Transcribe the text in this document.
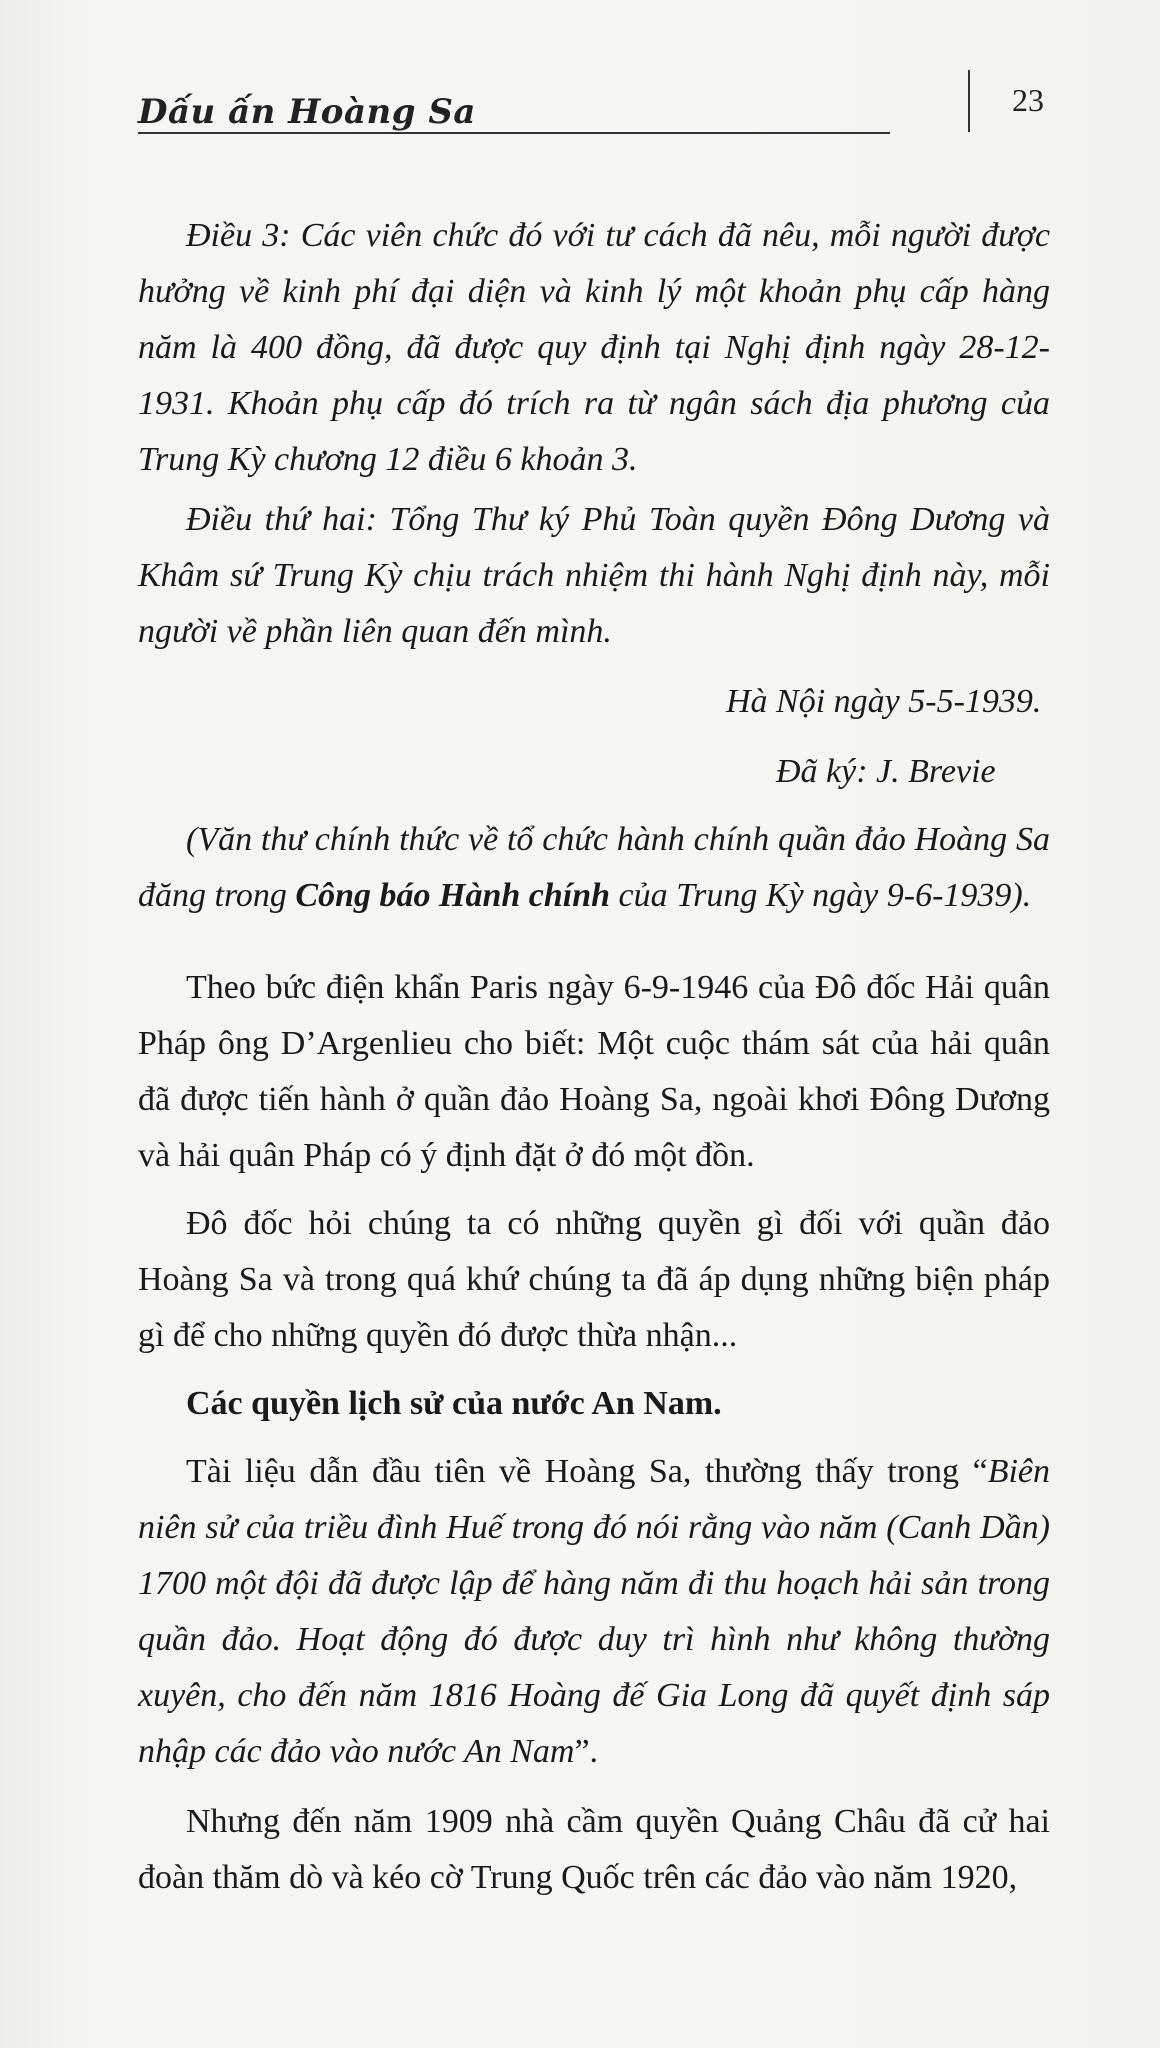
Dấu ấn Hoàng Sa	23

Điều 3: Các viên chức đó với tư cách đã nêu, mỗi người được hưởng về kinh phí đại diện và kinh lý một khoản phụ cấp hàng năm là 400 đồng, đã được quy định tại Nghị định ngày 28-12-1931. Khoản phụ cấp đó trích ra từ ngân sách địa phương của Trung Kỳ chương 12 điều 6 khoản 3.

Điều thứ hai: Tổng Thư ký Phủ Toàn quyền Đông Dương và Khâm sứ Trung Kỳ chịu trách nhiệm thi hành Nghị định này, mỗi người về phần liên quan đến mình.

Hà Nội ngày 5-5-1939.

Đã ký: J. Brevie

(Văn thư chính thức về tổ chức hành chính quần đảo Hoàng Sa đăng trong Công báo Hành chính của Trung Kỳ ngày 9-6-1939).

Theo bức điện khẩn Paris ngày 6-9-1946 của Đô đốc Hải quân Pháp ông D’Argenlieu cho biết: Một cuộc thám sát của hải quân đã được tiến hành ở quần đảo Hoàng Sa, ngoài khơi Đông Dương và hải quân Pháp có ý định đặt ở đó một đồn.

Đô đốc hỏi chúng ta có những quyền gì đối với quần đảo Hoàng Sa và trong quá khứ chúng ta đã áp dụng những biện pháp gì để cho những quyền đó được thừa nhận...

Các quyền lịch sử của nước An Nam.

Tài liệu dẫn đầu tiên về Hoàng Sa, thường thấy trong “Biên niên sử của triều đình Huế trong đó nói rằng vào năm (Canh Dần) 1700 một đội đã được lập để hàng năm đi thu hoạch hải sản trong quần đảo. Hoạt động đó được duy trì hình như không thường xuyên, cho đến năm 1816 Hoàng đế Gia Long đã quyết định sáp nhập các đảo vào nước An Nam”.

Nhưng đến năm 1909 nhà cầm quyền Quảng Châu đã cử hai đoàn thăm dò và kéo cờ Trung Quốc trên các đảo vào năm 1920,
